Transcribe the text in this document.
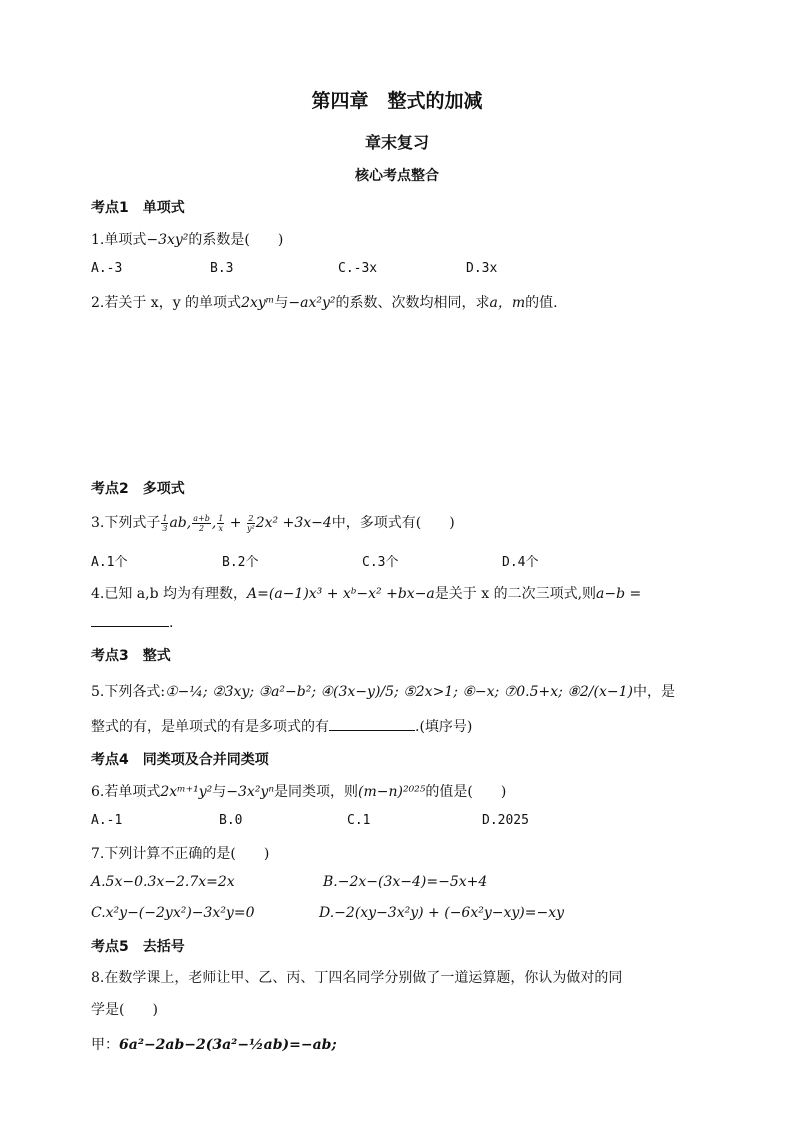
第四章　整式的加减
章末复习
核心考点整合
考点1　单项式
1.单项式−3xy²的系数是(　　)
A.-3	B.3	C.-3x	D.3x
2.若关于 x，y 的单项式2xyᵐ与−ax²y²的系数、次数均相同，求a，m的值.
考点2　多项式
3.下列式子 $\frac{1}{3}$ ab, $\frac{a+b}{2}$ , $\frac{1}{x} + \frac{2}{\text{y²}} 2x^2 +3x-4$中，多项式有(　　)
A.1个	B.2个	C.3个	D.4个
4.已知 a,b 均为有理数，A=(a−1)x³ + xᵇ−x² +bx−a是关于 x 的二次三项式,则a−b =
.
考点3　整式
5.下列各式:①−¼; ②3xy; ③a²−b²; ④(3x−y)/5; ⑤2x>1; ⑥−x; ⑦0.5+x; ⑧2/(x−1)中，是
整式的有，是单项式的有是多项式的有	.(填序号)
考点4　同类项及合并同类项
6.若单项式2xᵐ⁺¹y²与−3x²yⁿ是同类项，则(m−n)²⁰²⁵的值是(　　)
A.-1	B.0	C.1	D.2025
7.下列计算不正确的是(　　)
A.5x−0.3x−2.7x=2x	B.−2x−(3x−4)=−5x+4
C.x²y−(−2yx²)−3x²y=0	D.−2(xy−3x²y) + (−6x²y−xy)=−xy
考点5　去括号
8.在数学课上，老师让甲、乙、丙、丁四名同学分别做了一道运算题，你认为做对的同
学是(　　)
甲：6a²−2ab−2(3a²−½ab)=−ab;
